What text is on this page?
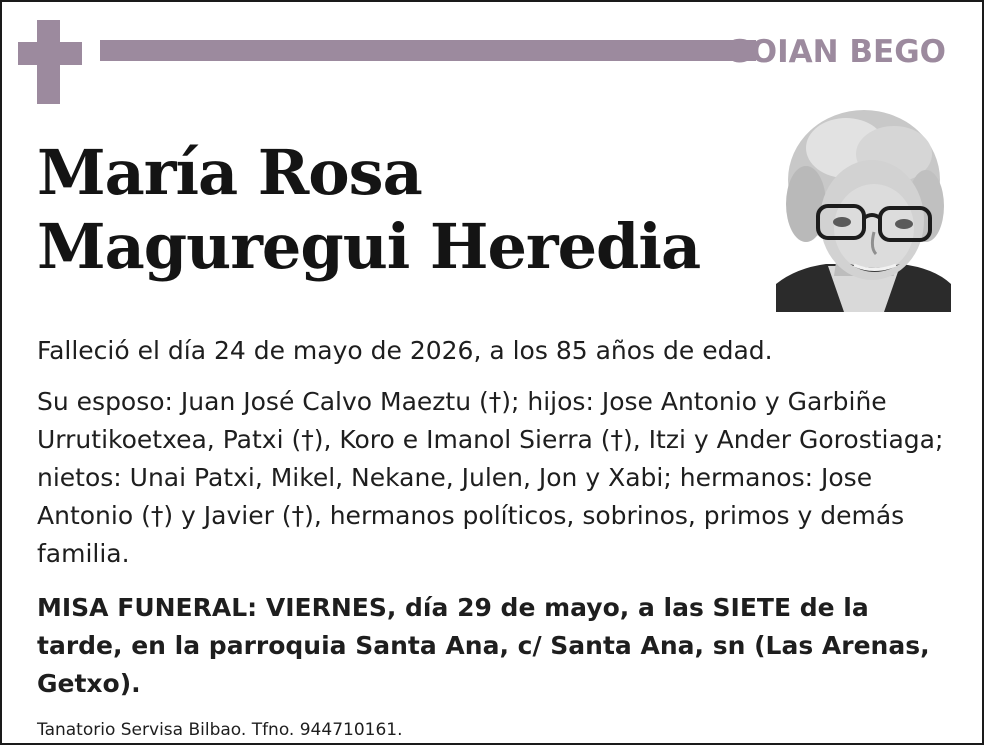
GOIAN BEGO
María Rosa
Maguregui Heredia

Falleció el día 24 de mayo de 2026, a los 85 años de edad.

Su esposo: Juan José Calvo Maeztu (†); hijos: Jose Antonio y Garbiñe Urrutikoetxea, Patxi (†), Koro e Imanol Sierra (†), Itzi y Ander Gorostiaga; nietos: Unai Patxi, Mikel, Nekane, Julen, Jon y Xabi; hermanos: Jose Antonio (†) y Javier (†), hermanos políticos, sobrinos, primos y demás familia.

MISA FUNERAL: VIERNES, día 29 de mayo, a las SIETE de la tarde, en la parroquia Santa Ana, c/ Santa Ana, sn (Las Arenas, Getxo).

Tanatorio Servisa Bilbao. Tfno. 944710161.
